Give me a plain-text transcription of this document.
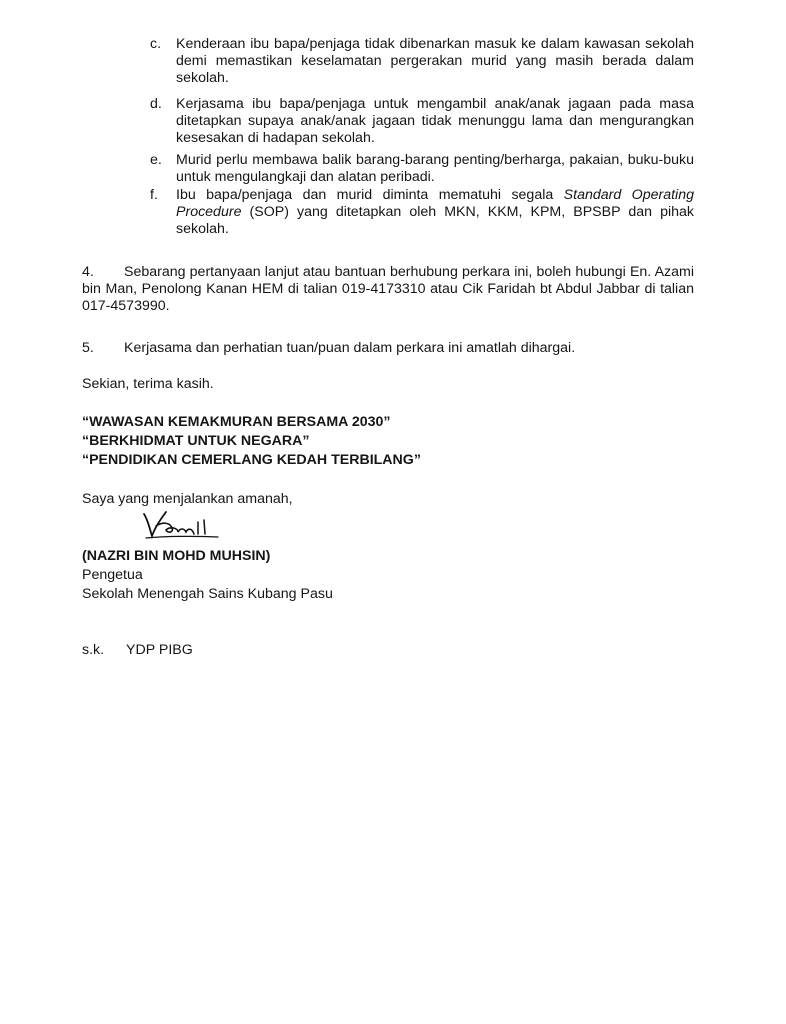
c. Kenderaan ibu bapa/penjaga tidak dibenarkan masuk ke dalam kawasan sekolah demi memastikan keselamatan pergerakan murid yang masih berada dalam sekolah.
d. Kerjasama ibu bapa/penjaga untuk mengambil anak/anak jagaan pada masa ditetapkan supaya anak/anak jagaan tidak menunggu lama dan mengurangkan kesesakan di hadapan sekolah.
e. Murid perlu membawa balik barang-barang penting/berharga, pakaian, buku-buku untuk mengulangkaji dan alatan peribadi.
f. Ibu bapa/penjaga dan murid diminta mematuhi segala Standard Operating Procedure (SOP) yang ditetapkan oleh MKN, KKM, KPM, BPSBP dan pihak sekolah.
4.	Sebarang pertanyaan lanjut atau bantuan berhubung perkara ini, boleh hubungi En. Azami bin Man, Penolong Kanan HEM di talian 019-4173310 atau Cik Faridah bt Abdul Jabbar di talian 017-4573990.
5.	Kerjasama dan perhatian tuan/puan dalam perkara ini amatlah dihargai.
Sekian, terima kasih.
“WAWASAN KEMAKMURAN BERSAMA 2030”
“BERKHIDMAT UNTUK NEGARA”
“PENDIDIKAN CEMERLANG KEDAH TERBILANG”
Saya yang menjalankan amanah,
(NAZRI BIN MOHD MUHSIN)
Pengetua
Sekolah Menengah Sains Kubang Pasu
s.k. YDP PIBG
